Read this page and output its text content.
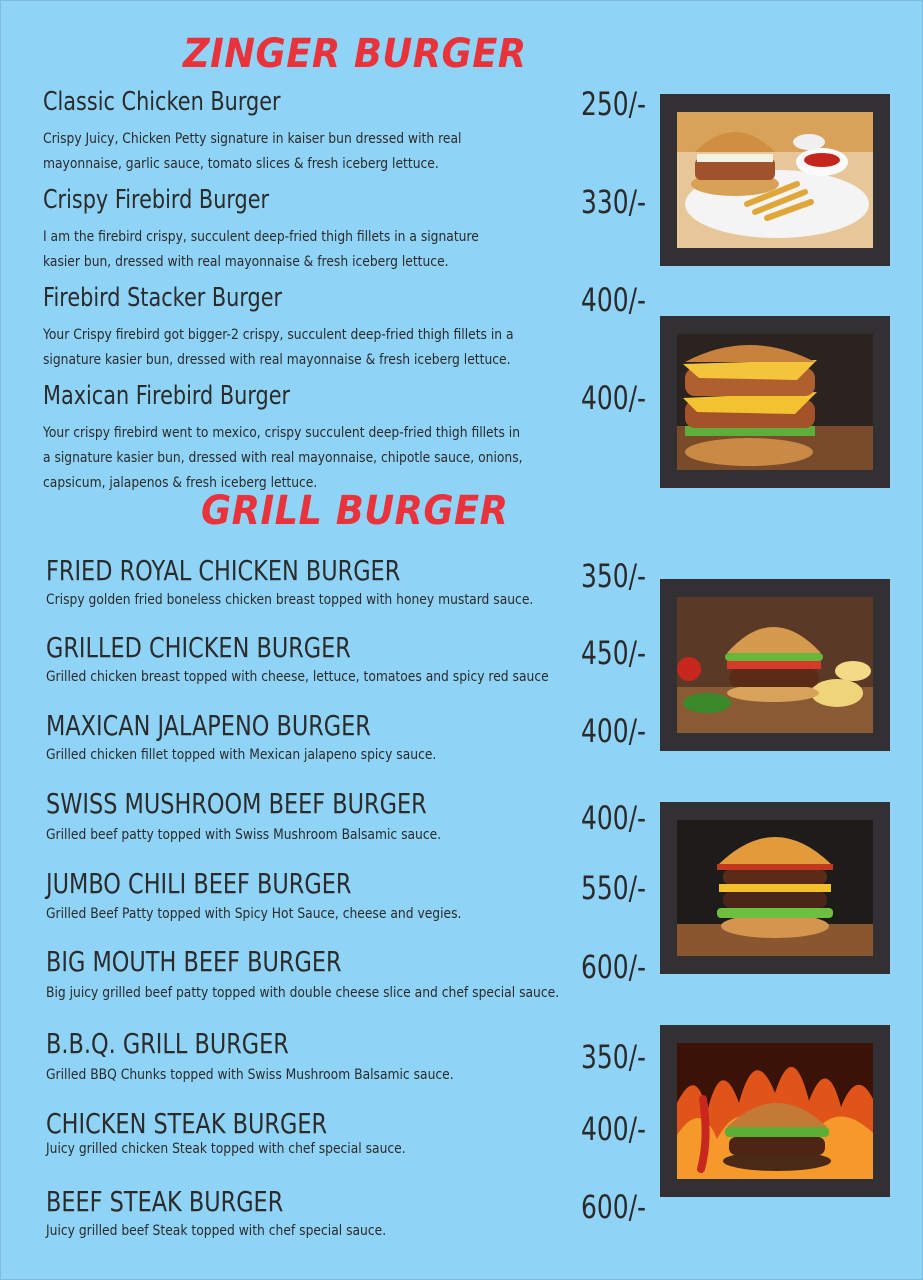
ZINGER BURGER
Classic Chicken Burger	250/-
Crispy Juicy, Chicken Petty signature in kaiser bun dressed with real
mayonnaise, garlic sauce, tomato slices & fresh iceberg lettuce.
Crispy Firebird Burger	330/-
I am the firebird crispy, succulent deep-fried thigh fillets in a signature
kasier bun, dressed with real mayonnaise & fresh iceberg lettuce.
Firebird Stacker Burger	400/-
Your Crispy firebird got bigger-2 crispy, succulent deep-fried thigh fillets in a
signature kasier bun, dressed with real mayonnaise & fresh iceberg lettuce.
Maxican Firebird Burger	400/-
Your crispy firebird went to mexico, crispy succulent deep-fried thigh fillets in
a signature kasier bun, dressed with real mayonnaise, chipotle sauce, onions,
capsicum, jalapenos & fresh iceberg lettuce.
GRILL BURGER
FRIED ROYAL CHICKEN BURGER	350/-
Crispy golden fried boneless chicken breast topped with honey mustard sauce.
GRILLED CHICKEN BURGER	450/-
Grilled chicken breast topped with cheese, lettuce, tomatoes and spicy red sauce
MAXICAN JALAPENO BURGER	400/-
Grilled chicken fillet topped with Mexican jalapeno spicy sauce.
SWISS MUSHROOM BEEF BURGER	400/-
Grilled beef patty topped with Swiss Mushroom Balsamic sauce.
JUMBO CHILI BEEF BURGER	550/-
Grilled Beef Patty topped with Spicy Hot Sauce, cheese and vegies.
BIG MOUTH BEEF BURGER	600/-
Big juicy grilled beef patty topped with double cheese slice and chef special sauce.
B.B.Q. GRILL BURGER	350/-
Grilled BBQ Chunks topped with Swiss Mushroom Balsamic sauce.
CHICKEN STEAK BURGER	400/-
Juicy grilled chicken Steak topped with chef special sauce.
BEEF STEAK BURGER	600/-
Juicy grilled beef Steak topped with chef special sauce.
